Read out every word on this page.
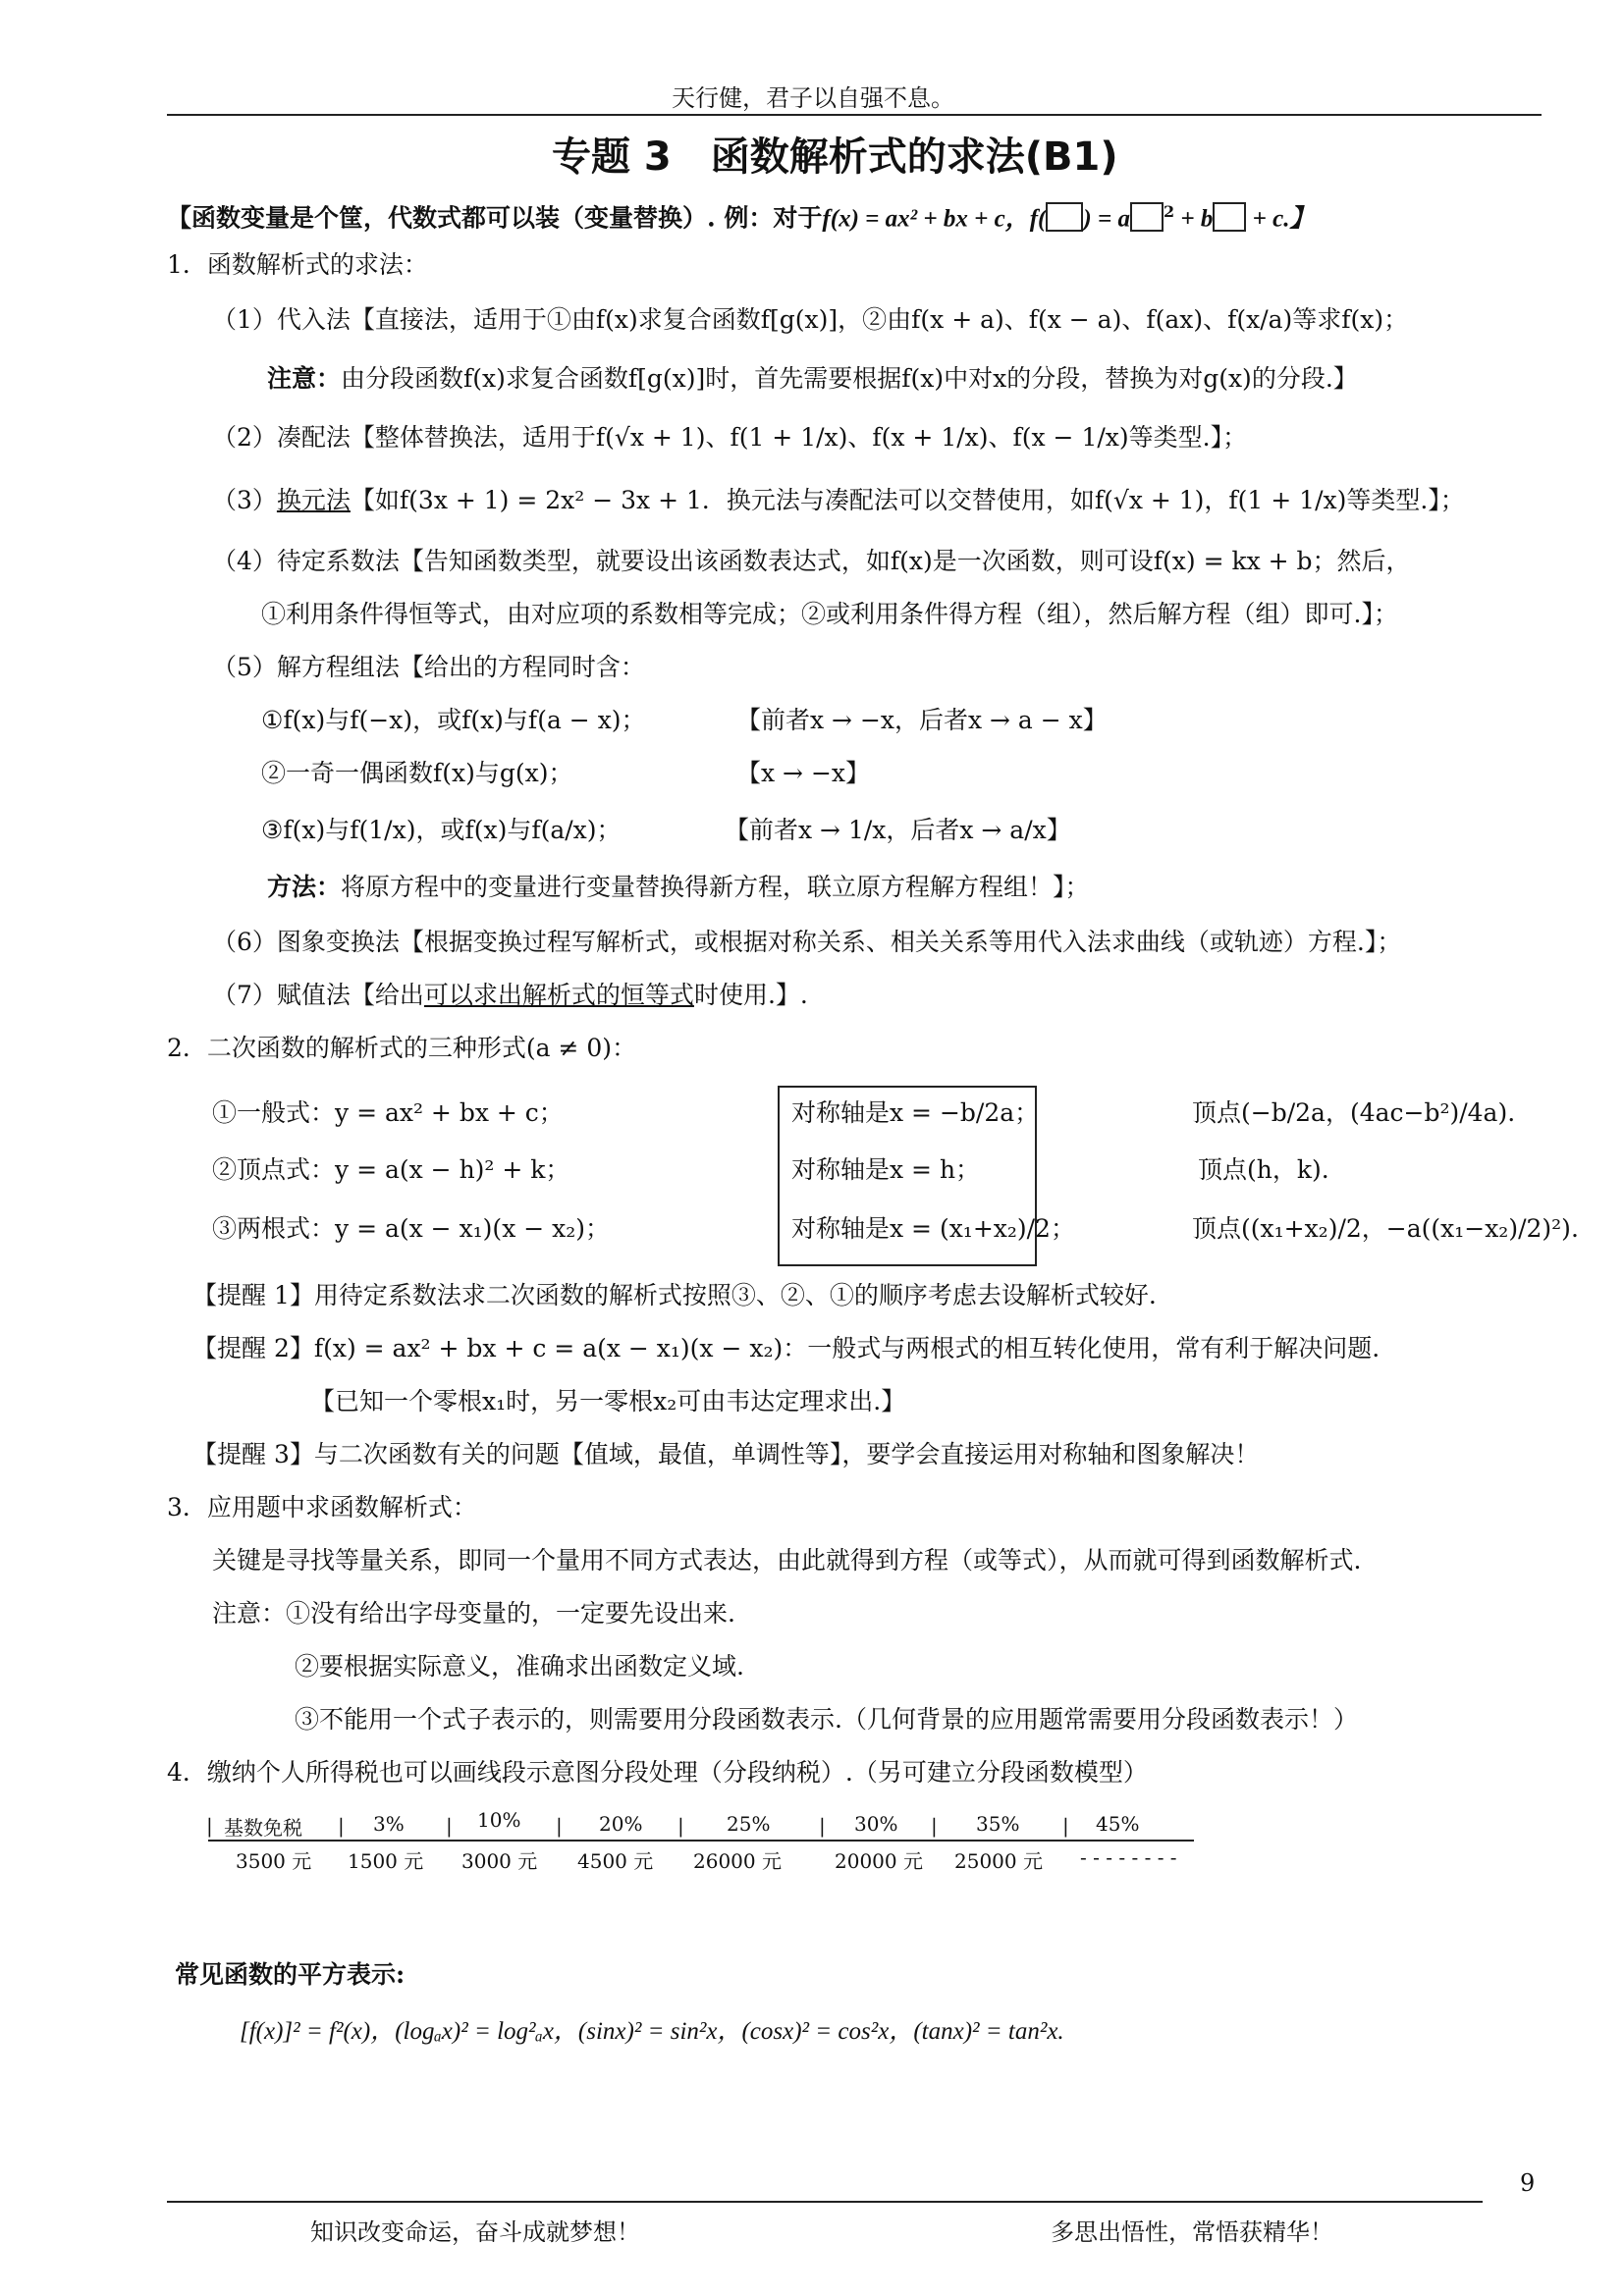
天行健，君子以自强不息。
专题 3　函数解析式的求法(B1)
【函数变量是个筐，代数式都可以装（变量替换）. 例：对于f(x) = ax² + bx + c，f( ) = a $^2$ + b + c.】
1．函数解析式的求法：
（1）代入法【直接法，适用于①由f(x)求复合函数f[g(x)]，②由f(x + a)、f(x − a)、f(ax)、f(x/a)等求f(x)；
注意：由分段函数f(x)求复合函数f[g(x)]时，首先需要根据f(x)中对x的分段，替换为对g(x)的分段.】
（2）凑配法【整体替换法，适用于f(√x + 1)、f(1 + 1/x)、f(x + 1/x)、f(x − 1/x)等类型.】；
（3）换元法【如f(3x + 1) = 2x² − 3x + 1．换元法与凑配法可以交替使用，如f(√x + 1)，f(1 + 1/x)等类型.】；
（4）待定系数法【告知函数类型，就要设出该函数表达式，如f(x)是一次函数，则可设f(x) = kx + b；然后，
①利用条件得恒等式，由对应项的系数相等完成；②或利用条件得方程（组），然后解方程（组）即可.】；
（5）解方程组法【给出的方程同时含：
①f(x)与f(−x)，或f(x)与f(a − x)；	【前者x → −x，后者x → a − x】
②一奇一偶函数f(x)与g(x)；	【x → −x】
③f(x)与f(1/x)，或f(x)与f(a/x)；	【前者x → 1/x，后者x → a/x】
方法：将原方程中的变量进行变量替换得新方程，联立原方程解方程组！】；
（6）图象变换法【根据变换过程写解析式，或根据对称关系、相关关系等用代入法求曲线（或轨迹）方程.】；
（7）赋值法【给出可以求出解析式的恒等式时使用.】.
2．二次函数的解析式的三种形式(a ≠ 0)：
①一般式：y = ax² + bx + c；	对称轴是x = −b/2a；	顶点(−b/2a，(4ac−b²)/4a).
②顶点式：y = a(x − h)² + k；	对称轴是x = h；	顶点(h，k).
③两根式：y = a(x − x₁)(x − x₂)；	对称轴是x = (x₁+x₂)/2；	顶点((x₁+x₂)/2，−a((x₁−x₂)/2)²).
【提醒 1】用待定系数法求二次函数的解析式按照③、②、①的顺序考虑去设解析式较好.
【提醒 2】f(x) = ax² + bx + c = a(x − x₁)(x − x₂)：一般式与两根式的相互转化使用，常有利于解决问题.
【已知一个零根x₁时，另一零根x₂可由韦达定理求出.】
【提醒 3】与二次函数有关的问题【值域，最值，单调性等】，要学会直接运用对称轴和图象解决！
3．应用题中求函数解析式：
关键是寻找等量关系，即同一个量用不同方式表达，由此就得到方程（或等式），从而就可得到函数解析式.
注意：①没有给出字母变量的，一定要先设出来.
②要根据实际意义，准确求出函数定义域.
③不能用一个式子表示的，则需要用分段函数表示.（几何背景的应用题常需要用分段函数表示！）
4．缴纳个人所得税也可以画线段示意图分段处理（分段纳税）.（另可建立分段函数模型）
|	|	|	|	|	|	|	|
基数免税	3%	10%	20%	25%	30%	35%	45%
3500 元 1500 元 3000 元 4500 元 26000 元	20000 元 25000 元 - - - - - - - -
常见函数的平方表示:
[f(x)]² = f²(x)，(logₐx)² = log²ₐx，(sinx)² = sin²x，(cosx)² = cos²x，(tanx)² = tan²x.
9
知识改变命运，奋斗成就梦想！	多思出悟性，常悟获精华！
